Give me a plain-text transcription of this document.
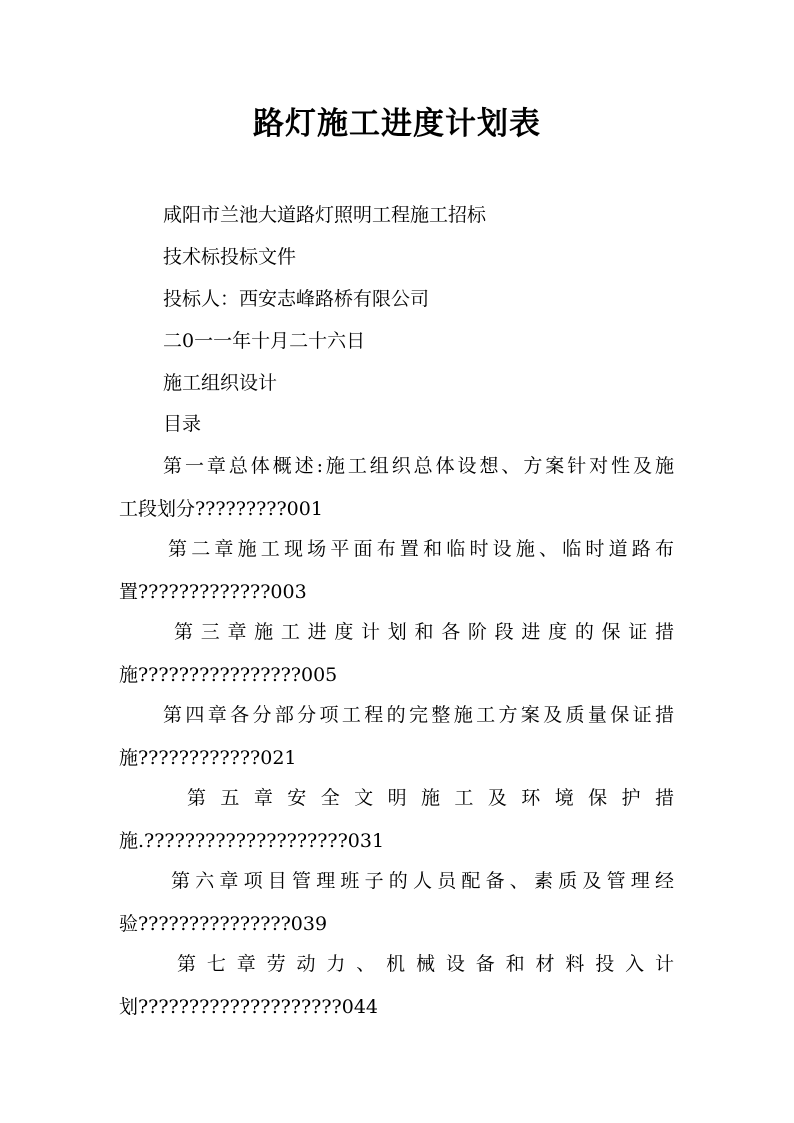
路灯施工进度计划表
咸阳市兰池大道路灯照明工程施工招标
技术标投标文件
投标人：西安志峰路桥有限公司
二0一一年十月二十六日
施工组织设计
目录
第一章总体概述:施工组织总体设想、方案针对性及施
工段划分?????????001
第二章施工现场平面布置和临时设施、临时道路布
置?????????????003
第三章施工进度计划和各阶段进度的保证措
施????????????????005
第四章各分部分项工程的完整施工方案及质量保证措
施????????????021
第五章安全文明施工及环境保护措
施.????????????????????031
第六章项目管理班子的人员配备、素质及管理经
验???????????????039
第七章劳动力、机械设备和材料投入计
划????????????????????044
